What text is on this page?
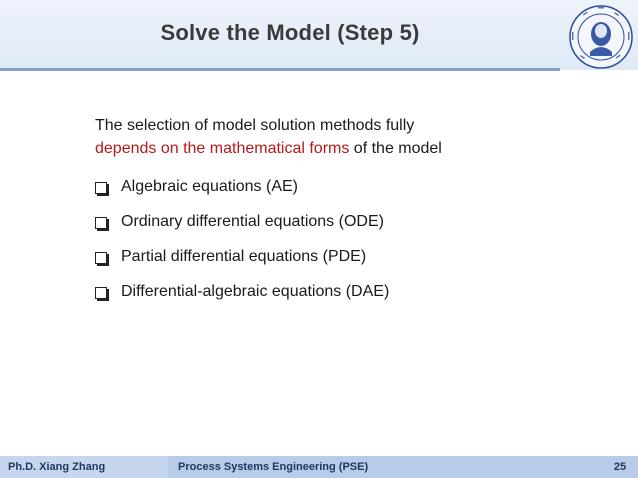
Solve the Model (Step 5)
The selection of model solution methods fully
depends on the mathematical forms of the model
Algebraic equations (AE)
Ordinary differential equations (ODE)
Partial differential equations (PDE)
Differential-algebraic equations (DAE)
Ph.D. Xiang Zhang	Process Systems Engineering (PSE)	25
